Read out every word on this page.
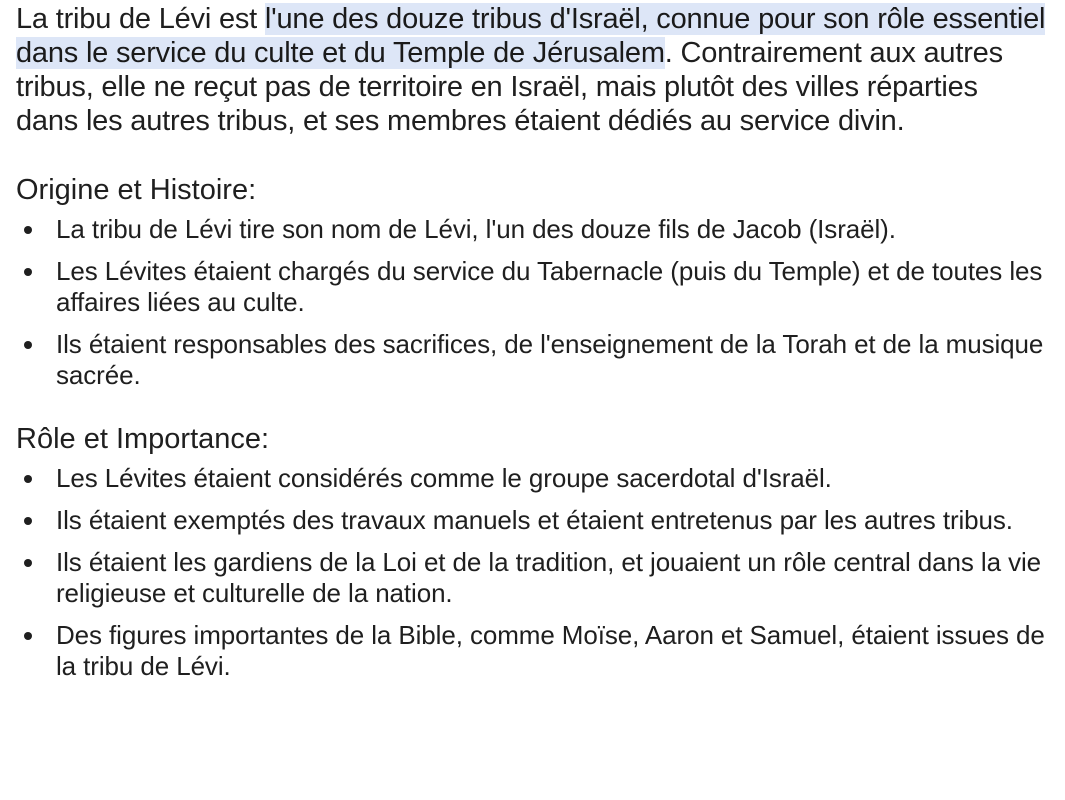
La tribu de Lévi est l'une des douze tribus d'Israël, connue pour son rôle essentiel dans le service du culte et du Temple de Jérusalem. Contrairement aux autres tribus, elle ne reçut pas de territoire en Israël, mais plutôt des villes réparties dans les autres tribus, et ses membres étaient dédiés au service divin.

Origine et Histoire:
La tribu de Lévi tire son nom de Lévi, l'un des douze fils de Jacob (Israël).
Les Lévites étaient chargés du service du Tabernacle (puis du Temple) et de toutes les affaires liées au culte.
Ils étaient responsables des sacrifices, de l'enseignement de la Torah et de la musique sacrée.
Rôle et Importance:
Les Lévites étaient considérés comme le groupe sacerdotal d'Israël.
Ils étaient exemptés des travaux manuels et étaient entretenus par les autres tribus.
Ils étaient les gardiens de la Loi et de la tradition, et jouaient un rôle central dans la vie religieuse et culturelle de la nation.
Des figures importantes de la Bible, comme Moïse, Aaron et Samuel, étaient issues de la tribu de Lévi.
